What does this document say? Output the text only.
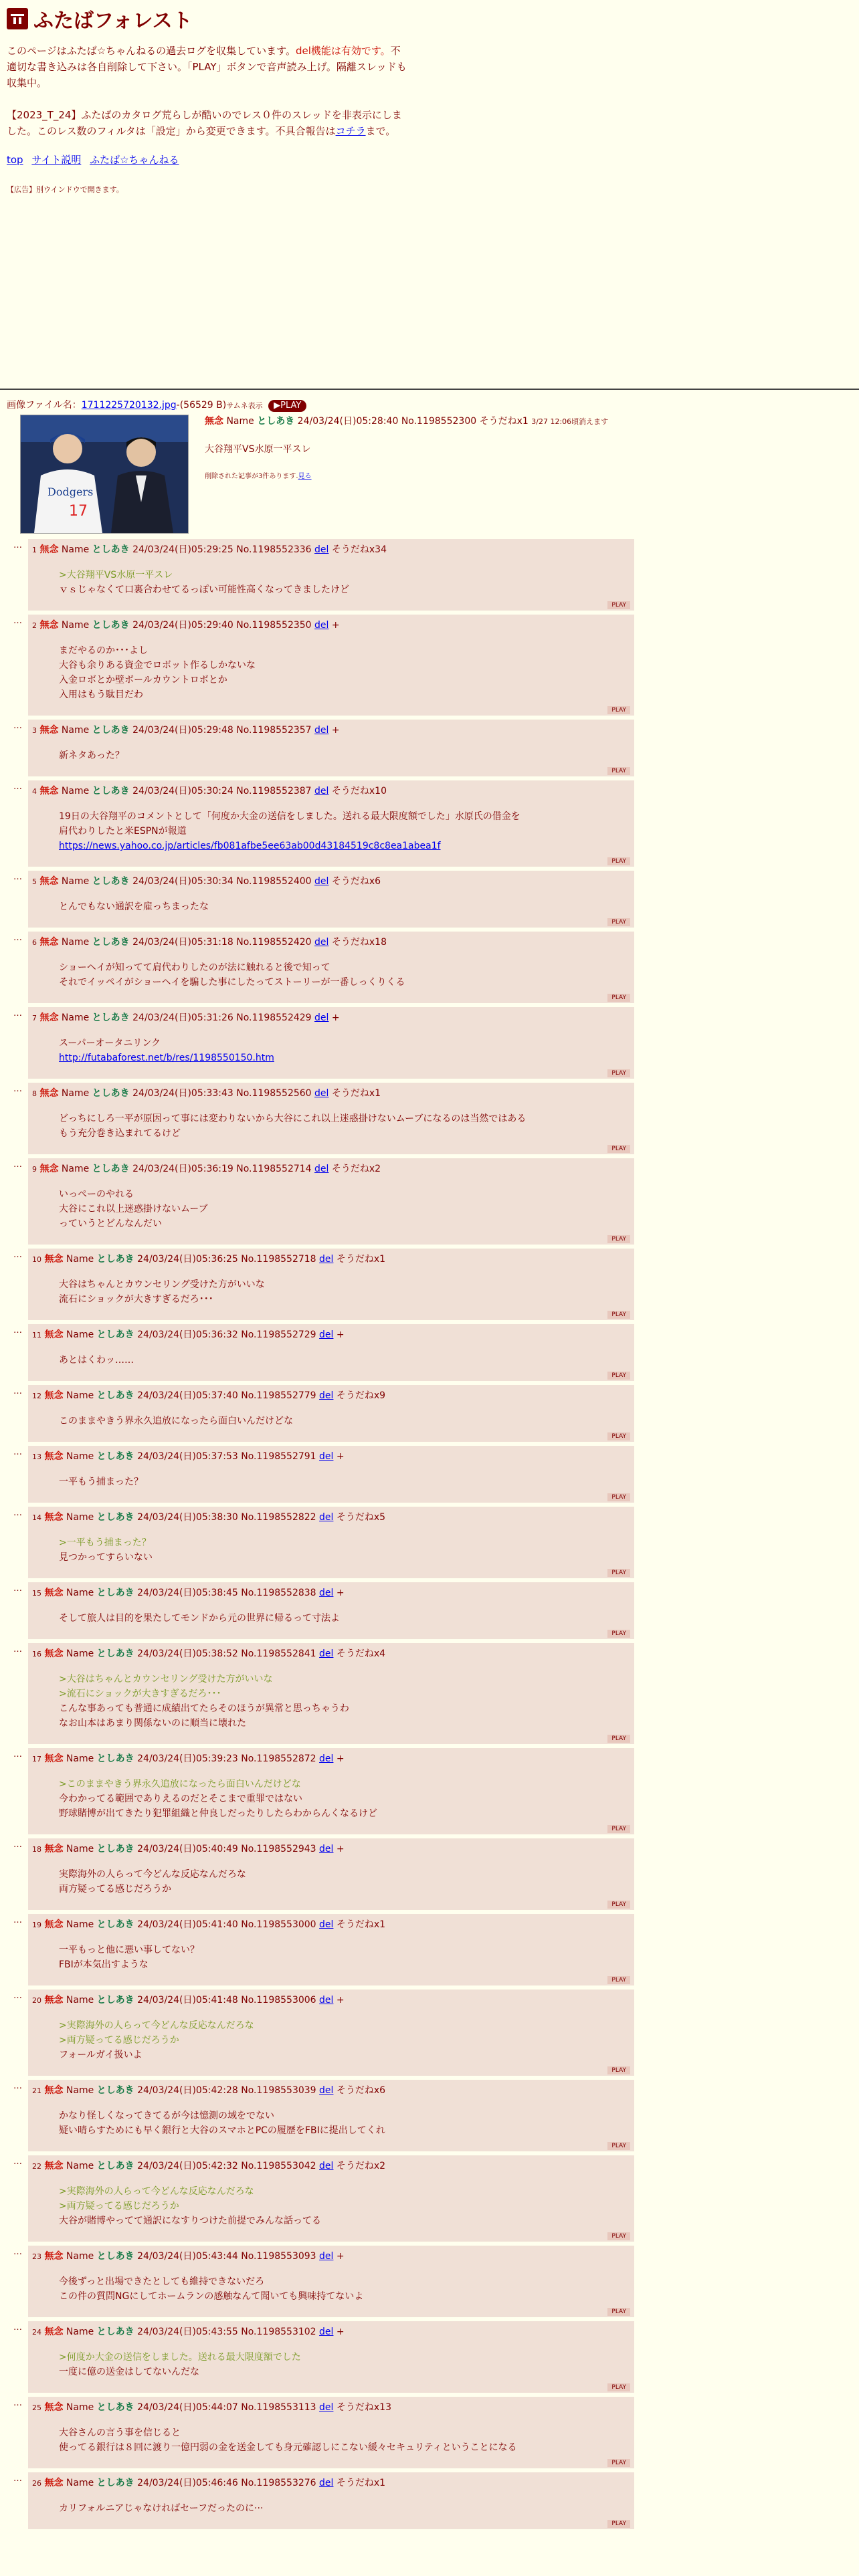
ふたばフォレスト
このページはふたば☆ちゃんねるの過去ログを収集しています。del機能は有効です。不適切な書き込みは各自削除して下さい。「PLAY」ボタンで音声読み上げ。隔離スレッドも収集中。
【2023_T_24】ふたばのカタログ荒らしが酷いのでレス０件のスレッドを非表示にしました。このレス数のフィルタは「設定」から変更できます。不具合報告はコチラまで。
top サイト説明 ふたば☆ちゃんねる
【広告】別ウインドウで開きます。
画像ファイル名：1711225720132.jpg-(56529 B)サムネ表示 ▶PLAY
Dodgers
17
無念 Name としあき 24/03/24(日)05:28:40 No.1198552300 そうだねx1 3/27 12:06頃消えます
大谷翔平VS水原一平スレ
削除された記事が3件あります.見る
…	1 無念 Name としあき 24/03/24(日)05:29:25 No.1198552336 del そうだねx34
>大谷翔平VS水原一平スレ
ｖｓじゃなくて口裏合わせてるっぽい可能性高くなってきましたけど
PLAY
…	2 無念 Name としあき 24/03/24(日)05:29:40 No.1198552350 del +
まだやるのか･･･よし
大谷も余りある資金でロボット作るしかないな
入金ロボとか壁ボールカウントロボとか
入用はもう駄目だわ
PLAY
…	3 無念 Name としあき 24/03/24(日)05:29:48 No.1198552357 del +
新ネタあった？
PLAY
…	4 無念 Name としあき 24/03/24(日)05:30:24 No.1198552387 del そうだねx10
19日の大谷翔平のコメントとして「何度か大金の送信をしました。送れる最大限度額でした」水原氏の借金を
肩代わりしたと米ESPNが報道
https://news.yahoo.co.jp/articles/fb081afbe5ee63ab00d43184519c8c8ea1abea1f
PLAY
…	5 無念 Name としあき 24/03/24(日)05:30:34 No.1198552400 del そうだねx6
とんでもない通訳を雇っちまったな
PLAY
…	6 無念 Name としあき 24/03/24(日)05:31:18 No.1198552420 del そうだねx18
ショーヘイが知ってて肩代わりしたのが法に触れると後で知って
それでイッペイがショーヘイを騙した事にしたってストーリーが一番しっくりくる
PLAY
…	7 無念 Name としあき 24/03/24(日)05:31:26 No.1198552429 del +
スーパーオータニリンク
http://futabaforest.net/b/res/1198550150.htm
PLAY
…	8 無念 Name としあき 24/03/24(日)05:33:43 No.1198552560 del そうだねx1
どっちにしろ一平が原因って事には変わりないから大谷にこれ以上迷惑掛けないムーブになるのは当然ではある
もう充分巻き込まれてるけど
PLAY
…	9 無念 Name としあき 24/03/24(日)05:36:19 No.1198552714 del そうだねx2
いっぺーのやれる
大谷にこれ以上迷惑掛けないムーブ
っていうとどんなんだい
PLAY
…	10 無念 Name としあき 24/03/24(日)05:36:25 No.1198552718 del そうだねx1
大谷はちゃんとカウンセリング受けた方がいいな
流石にショックが大きすぎるだろ･･･
PLAY
…	11 無念 Name としあき 24/03/24(日)05:36:32 No.1198552729 del +
あとはくわッ……
PLAY
…	12 無念 Name としあき 24/03/24(日)05:37:40 No.1198552779 del そうだねx9
このままやきう界永久追放になったら面白いんだけどな
PLAY
…	13 無念 Name としあき 24/03/24(日)05:37:53 No.1198552791 del +
一平もう捕まった？
PLAY
…	14 無念 Name としあき 24/03/24(日)05:38:30 No.1198552822 del そうだねx5
>一平もう捕まった？
見つかってすらいない
PLAY
…	15 無念 Name としあき 24/03/24(日)05:38:45 No.1198552838 del +
そして旅人は目的を果たしてモンドから元の世界に帰るって寸法よ
PLAY
…	16 無念 Name としあき 24/03/24(日)05:38:52 No.1198552841 del そうだねx4
>大谷はちゃんとカウンセリング受けた方がいいな
>流石にショックが大きすぎるだろ･･･
こんな事あっても普通に成績出てたらそのほうが異常と思っちゃうわ
なお山本はあまり関係ないのに順当に壊れた
PLAY
…	17 無念 Name としあき 24/03/24(日)05:39:23 No.1198552872 del +
>このままやきう界永久追放になったら面白いんだけどな
今わかってる範囲でありえるのだとそこまで重罪ではない
野球賭博が出てきたり犯罪組織と仲良しだったりしたらわからんくなるけど
PLAY
…	18 無念 Name としあき 24/03/24(日)05:40:49 No.1198552943 del +
実際海外の人らって今どんな反応なんだろな
両方疑ってる感じだろうか
PLAY
…	19 無念 Name としあき 24/03/24(日)05:41:40 No.1198553000 del そうだねx1
一平もっと他に悪い事してない？
FBIが本気出すような
PLAY
…	20 無念 Name としあき 24/03/24(日)05:41:48 No.1198553006 del +
>実際海外の人らって今どんな反応なんだろな
>両方疑ってる感じだろうか
フォールガイ扱いよ
PLAY
…	21 無念 Name としあき 24/03/24(日)05:42:28 No.1198553039 del そうだねx6
かなり怪しくなってきてるが今は憶測の域をでない
疑い晴らすためにも早く銀行と大谷のスマホとPCの履歴をFBIに提出してくれ
PLAY
…	22 無念 Name としあき 24/03/24(日)05:42:32 No.1198553042 del そうだねx2
>実際海外の人らって今どんな反応なんだろな
>両方疑ってる感じだろうか
大谷が賭博やってて通訳になすりつけた前提でみんな話ってる
PLAY
…	23 無念 Name としあき 24/03/24(日)05:43:44 No.1198553093 del +
今後ずっと出場できたとしても維持できないだろ
この件の質問NGにしてホームランの感触なんて聞いても興味持てないよ
PLAY
…	24 無念 Name としあき 24/03/24(日)05:43:55 No.1198553102 del +
>何度か大金の送信をしました。送れる最大限度額でした
一度に億の送金はしてないんだな
PLAY
…	25 無念 Name としあき 24/03/24(日)05:44:07 No.1198553113 del そうだねx13
大谷さんの言う事を信じると
使ってる銀行は８回に渡り一億円弱の金を送金しても身元確認しにこない緩々セキュリティということになる
PLAY
…	26 無念 Name としあき 24/03/24(日)05:46:46 No.1198553276 del そうだねx1
カリフォルニアじゃなければセーフだったのに···
PLAY
